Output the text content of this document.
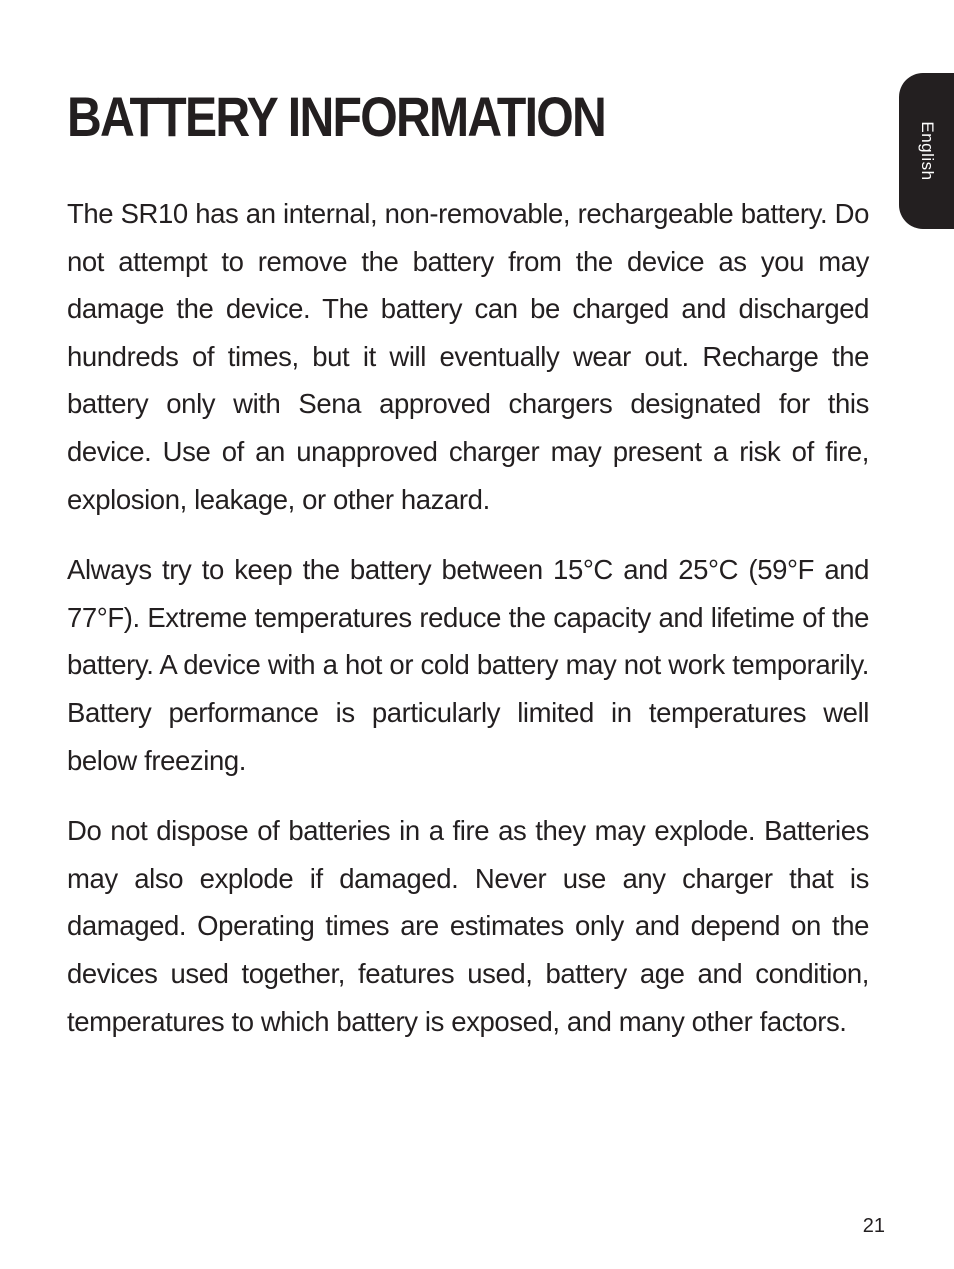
BATTERY INFORMATION

The SR10 has an internal, non-removable, rechargeable battery. Do not attempt to remove the battery from the device as you may damage the device. The battery can be charged and discharged hundreds of times, but it will eventually wear out. Recharge the battery only with Sena approved chargers designated for this device. Use of an unapproved charger may present a risk of fire, explosion, leakage, or other hazard.

Always try to keep the battery between 15°C and 25°C (59°F and 77°F). Extreme temperatures reduce the capacity and lifetime of the battery. A device with a hot or cold battery may not work temporarily. Battery performance is particularly limited in temperatures well below freezing.

Do not dispose of batteries in a fire as they may explode. Batteries may also explode if damaged. Never use any charger that is damaged. Operating times are estimates only and depend on the devices used together, features used, battery age and condition, temperatures to which battery is exposed, and many other factors.

English
21
